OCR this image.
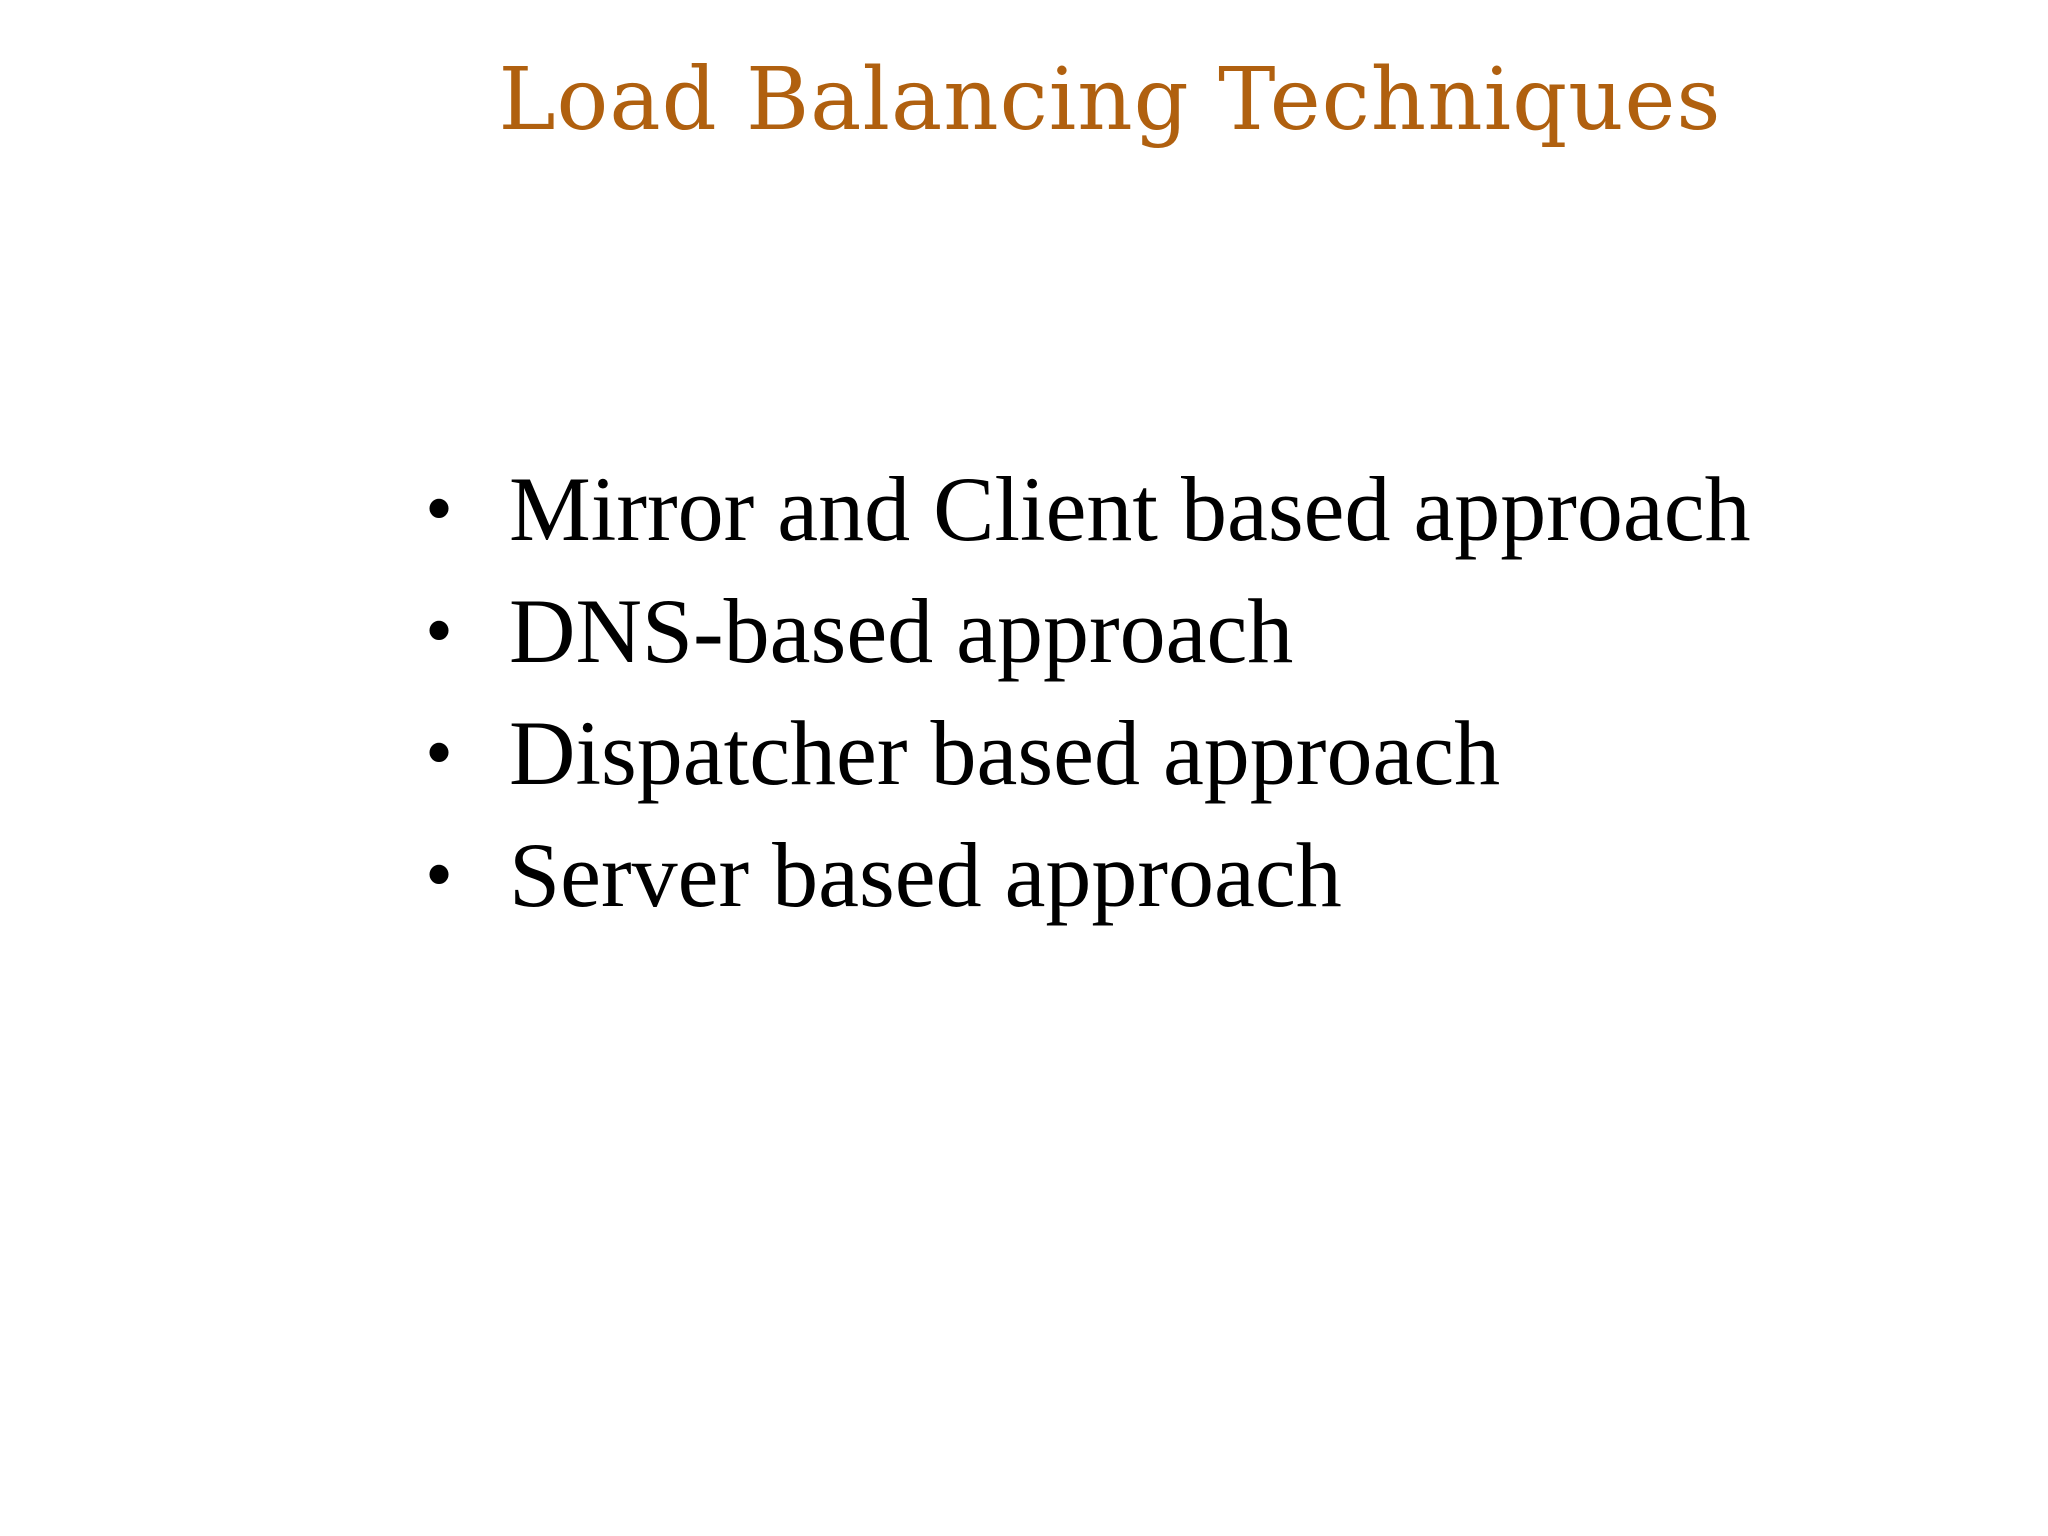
Load Balancing Techniques
• Mirror and Client based approach
• DNS-based approach
• Dispatcher based approach
• Server based approach
